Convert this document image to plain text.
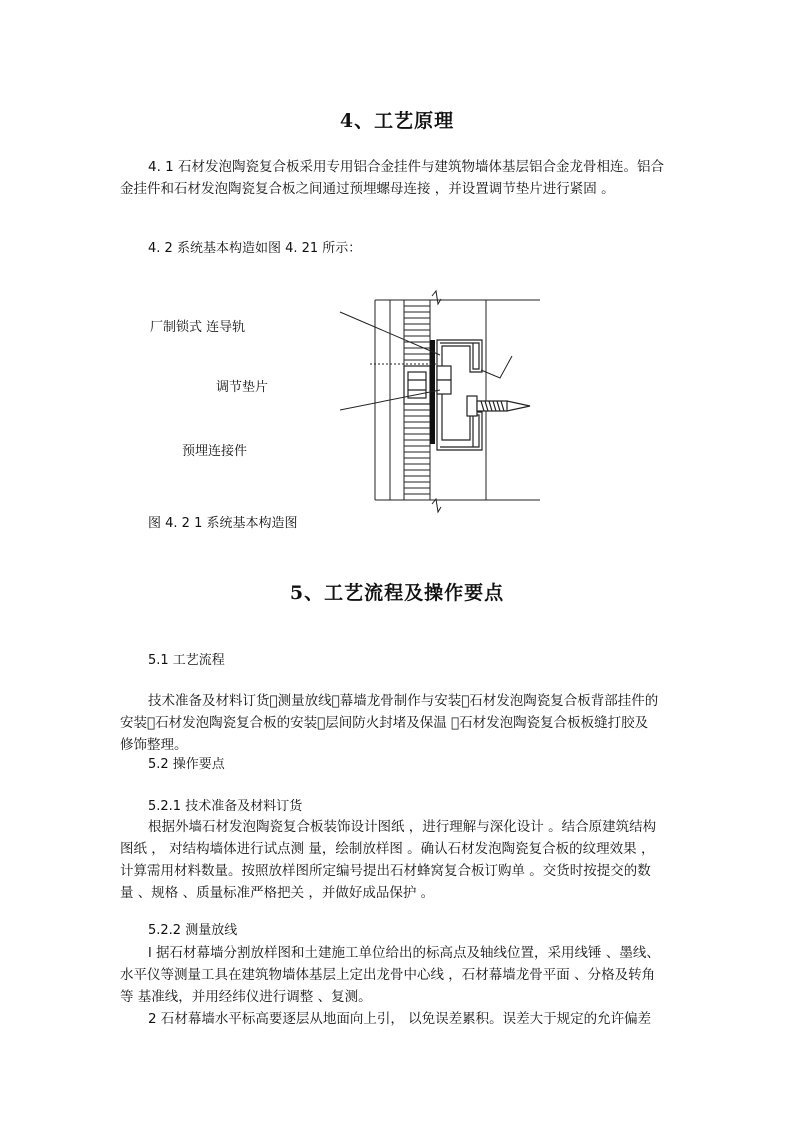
4、工艺原理
4. 1 石材发泡陶瓷复合板采用专用铝合金挂件与建筑物墙体基层铝合金龙骨相连。铝合
金挂件和石材发泡陶瓷复合板之间通过预埋螺母连接 ，并设置调节垫片进行紧固 。
4. 2 系统基本构造如图 4. 21 所示：
厂制锁式 连导轨
调节垫片
预埋连接件
图 4. 2 1 系统基本构造图
5、工艺流程及操作要点
5.1 工艺流程
技术准备及材料订货􏰀测量放线􏰀幕墙龙骨制作与安装􏰀石材发泡陶瓷复合板背部挂件的
安装􏰀石材发泡陶瓷复合板的安装􏰀层间防火封堵及保温 􏰀石材发泡陶瓷复合板板缝打胶及
修饰整理。
5.2 操作要点
5.2.1 技术准备及材料订货
根据外墙石材发泡陶瓷复合板装饰设计图纸 ，进行理解与深化设计 。结合原建筑结构
图纸 ， 对结构墙体进行试点测 量，绘制放样图 。确认石材发泡陶瓷复合板的纹理效果 ，
计算需用材料数量。按照放样图所定编号提出石材蜂窝复合板订购单 。交货时按提交的数
量 、规格 、质量标准严格把关 ，并做好成品保护 。
5.2.2 测量放线
l 据石材幕墙分割放样图和土建施工单位给出的标高点及轴线位置，采用线锤 、墨线、
水平仪等测量工具在建筑物墙体基层上定出龙骨中心线 ，石材幕墙龙骨平面 、分格及转角
等 基准线，并用经纬仪进行调整 、复测。
2 石材幕墙水平标高要逐层从地面向上引， 以免误差累积。误差大于规定的允许偏差
